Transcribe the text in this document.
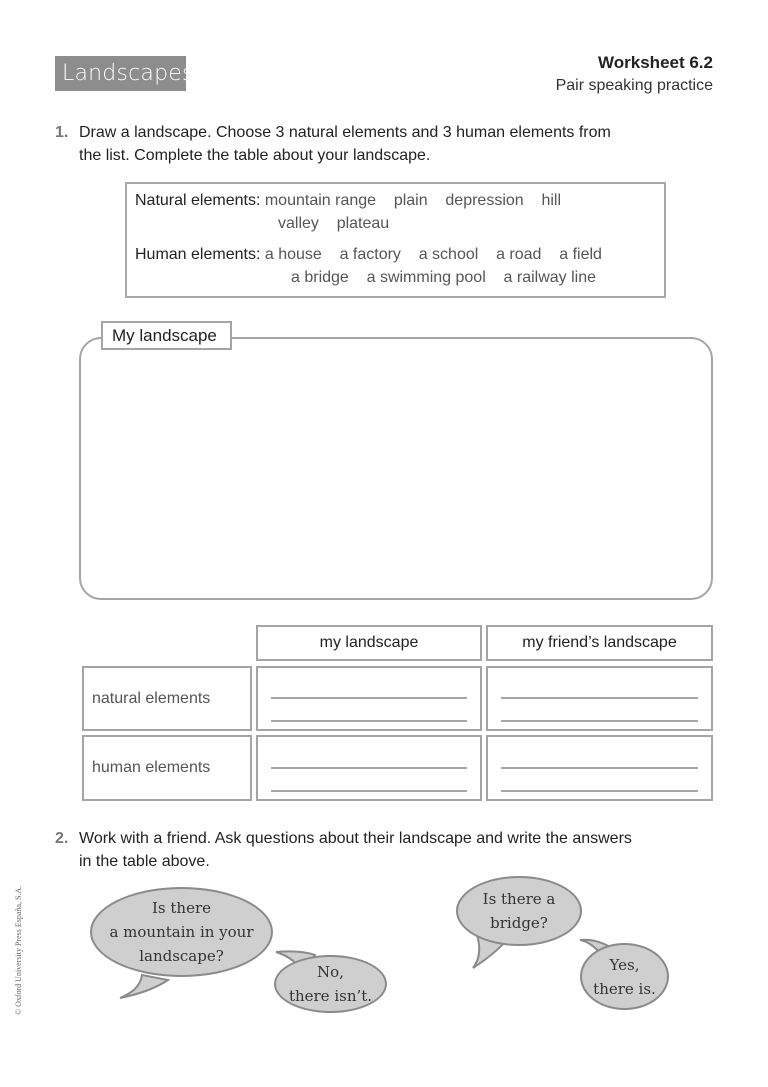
Landscapes	Worksheet 6.2
Pair speaking practice
1. Draw a landscape. Choose 3 natural elements and 3 human elements from
the list. Complete the table about your landscape.
Natural elements: mountain range    plain    depression    hill
valley    plateau
Human elements: a house    a factory    a school    a road    a field
a bridge    a swimming pool    a railway line
My landscape
my landscape	my friend’s landscape
natural elements
human elements
2. Work with a friend. Ask questions about their landscape and write the answers
in the table above.
Is there
a mountain in your
landscape?
No,
there isn’t.
Is there a
bridge?
Yes,
there is.
© Oxford University Press España, S.A.
